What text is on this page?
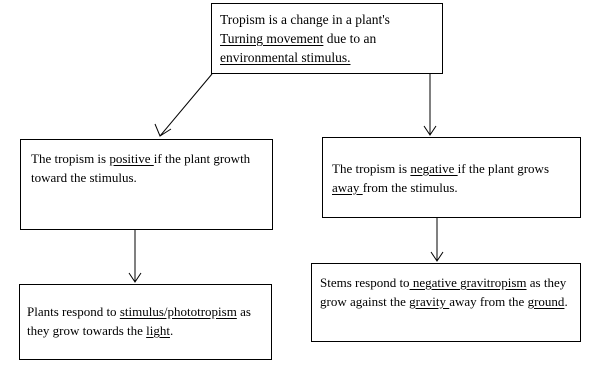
Tropism is a change in a plant's Turning movement due to an environmental stimulus.
The tropism is positive if the plant growth toward the stimulus.
The tropism is negative if the plant grows away from the stimulus.
Plants respond to stimulus/phototropism as they grow towards the light.
Stems respond to negative gravitropism as they grow against the gravity away from the ground.
